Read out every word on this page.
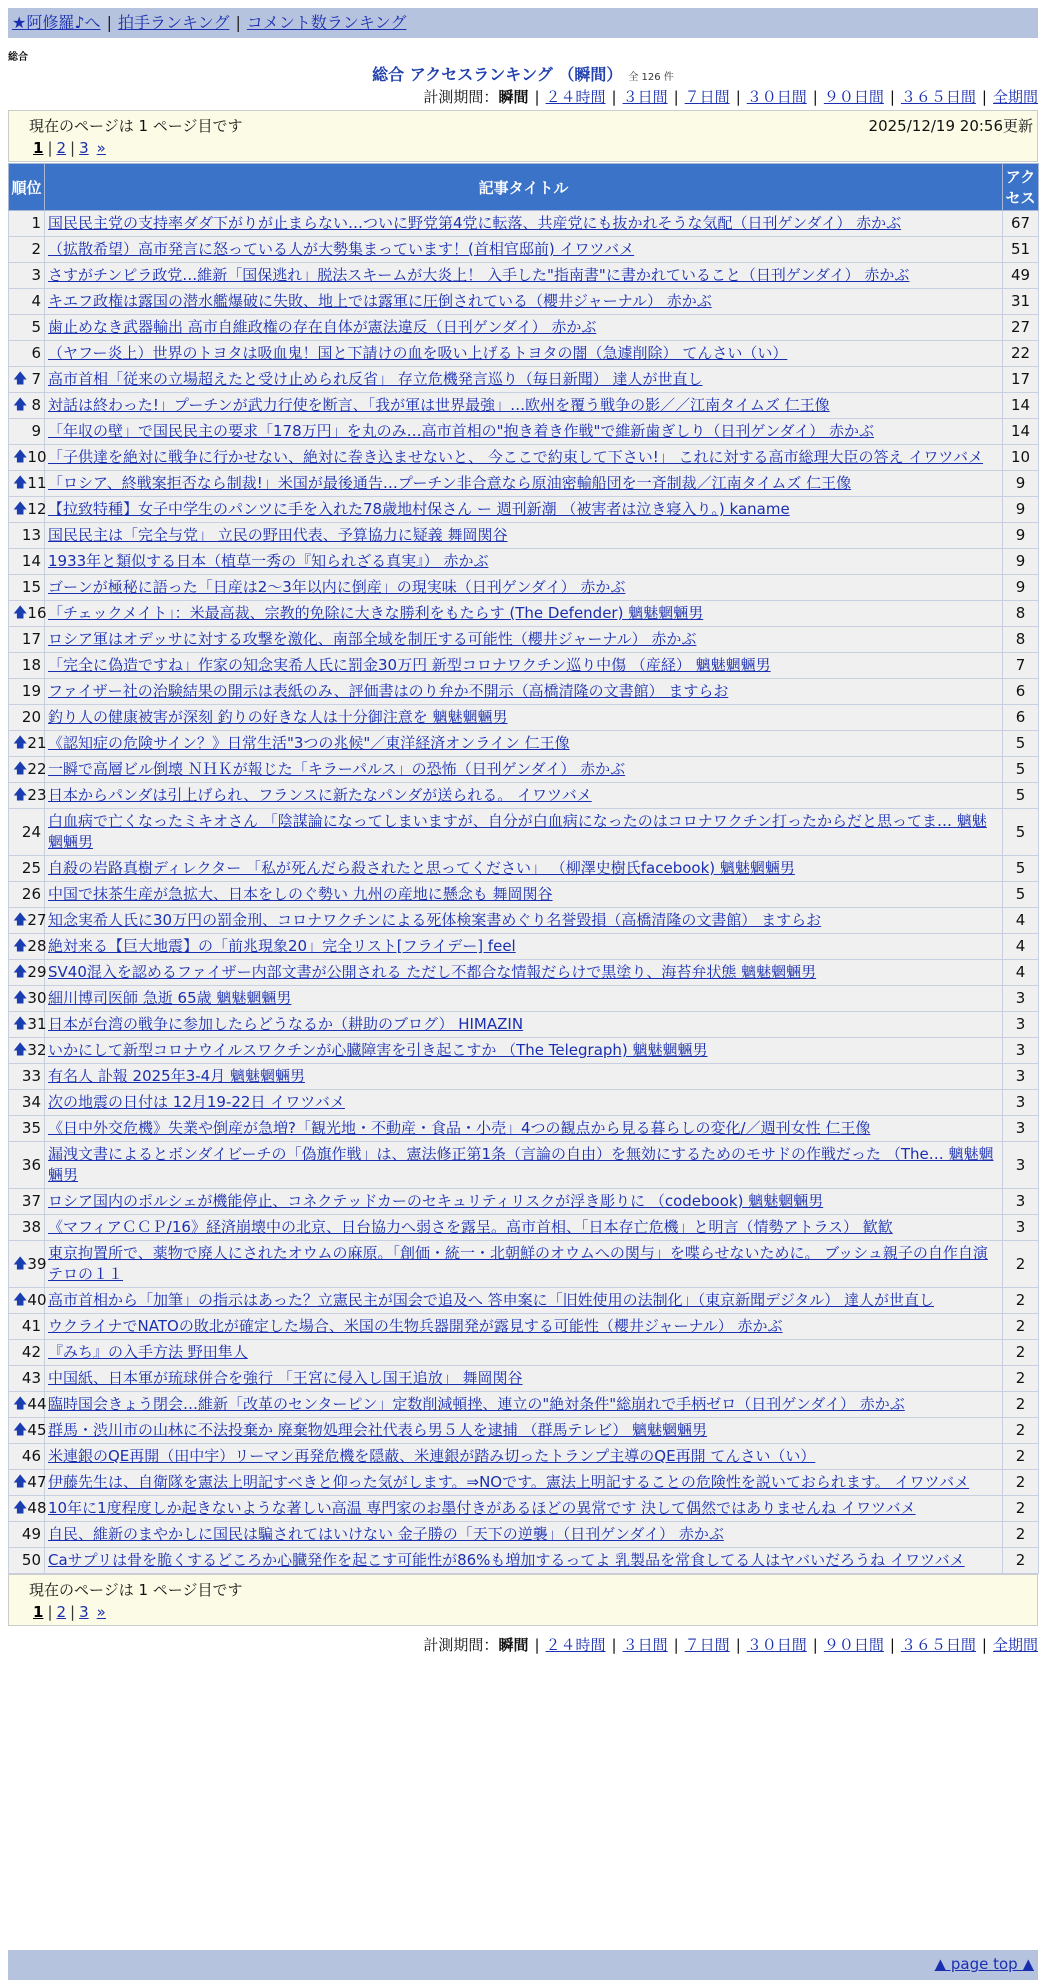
★阿修羅♪へ | 拍手ランキング | コメント数ランキング
総合
総合 アクセスランキング （瞬間） 全 126 件
計測期間：瞬間 | ２４時間 | ３日間 | ７日間 | ３０日間 | ９０日間 | ３６５日間 | 全期間
現在のページは 1 ページ目です	2025/12/19 20:56更新
1 | 2 | 3 »
順位	記事タイトル	アクセス
1	国民民主党の支持率ダダ下がりが止まらない…ついに野党第4党に転落、共産党にも抜かれそうな気配（日刊ゲンダイ） 赤かぶ	67
2	（拡散希望）高市発言に怒っている人が大勢集まっています！(首相官邸前) イワツバメ	51
3	さすがチンピラ政党…維新「国保逃れ」脱法スキームが大炎上！ 入手した"指南書"に書かれていること（日刊ゲンダイ） 赤かぶ	49
4	キエフ政権は露国の潜水艦爆破に失敗、地上では露軍に圧倒されている（櫻井ジャーナル） 赤かぶ	31
5	歯止めなき武器輸出 高市自維政権の存在自体が憲法違反（日刊ゲンダイ） 赤かぶ	27
6	（ヤフー炎上）世界のトヨタは吸血鬼！国と下請けの血を吸い上げるトヨタの闇（急遽削除） てんさい（い）	22

🡅 7	高市首相「従来の立場超えたと受け止められ反省」 存立危機発言巡り（毎日新聞） 達人が世直し	17

🡅 8	対話は終わった!」プーチンが武力行使を断言、「我が軍は世界最強」…欧州を覆う戦争の影／／江南タイムズ 仁王像	14
9	「年収の壁」で国民民主の要求「178万円」を丸のみ…高市首相の"抱き着き作戦"で維新歯ぎしり（日刊ゲンダイ） 赤かぶ	14

🡅 10	「子供達を絶対に戦争に行かせない、絶対に巻き込ませないと、 今ここで約束して下さい!」 これに対する高市総理大臣の答え イワツバメ	10

🡅 11	「ロシア、終戦案拒否なら制裁!」米国が最後通告…プーチン非合意なら原油密輸船団を一斉制裁／江南タイムズ 仁王像	9

🡅 12	【拉致特種】女子中学生のパンツに手を入れた78歳地村保さん ー 週刊新潮 （被害者は泣き寝入り。) kaname	9
13	国民民主は「完全与党」 立民の野田代表、予算協力に疑義 舞岡関谷	9
14	1933年と類似する日本（植草一秀の『知られざる真実』） 赤かぶ	9
15	ゴーンが極秘に語った「日産は2～3年以内に倒産」の現実味（日刊ゲンダイ） 赤かぶ	9

🡅 16	「チェックメイト」：米最高裁、宗教的免除に大きな勝利をもたらす (The Defender) 魑魅魍魎男	8
17	ロシア軍はオデッサに対する攻撃を激化、南部全域を制圧する可能性（櫻井ジャーナル） 赤かぶ	8
18	「完全に偽造ですね」作家の知念実希人氏に罰金30万円 新型コロナワクチン巡り中傷 （産経） 魑魅魍魎男	7
19	ファイザー社の治験結果の開示は表紙のみ、評価書はのり弁か不開示（高橋清隆の文書館） ますらお	6
20	釣り人の健康被害が深刻 釣りの好きな人は十分御注意を 魑魅魍魎男	6

🡅 21	《認知症の危険サイン？》日常生活"3つの兆候"／東洋経済オンライン 仁王像	5

🡅 22	一瞬で高層ビル倒壊 ＮＨＫが報じた「キラーパルス」の恐怖（日刊ゲンダイ） 赤かぶ	5

🡅 23	日本からパンダは引上げられ、フランスに新たなパンダが送られる。 イワツバメ	5
24	白血病で亡くなったミキオさん 「陰謀論になってしまいますが、自分が白血病になったのはコロナワクチン打ったからだと思ってま… 魑魅魍魎男	5
25	自殺の岩路真樹ディレクター 「私が死んだら殺されたと思ってください」 （柳澤史樹氏facebook) 魑魅魍魎男	5
26	中国で抹茶生産が急拡大、日本をしのぐ勢い 九州の産地に懸念も 舞岡関谷	5

🡅 27	知念実希人氏に30万円の罰金刑、コロナワクチンによる死体検案書めぐり名誉毀損（高橋清隆の文書館） ますらお	4

🡅 28	絶対来る【巨大地震】の「前兆現象20」完全リスト[フライデー] feel	4

🡅 29	SV40混入を認めるファイザー内部文書が公開される ただし不都合な情報だらけで黒塗り、海苔弁状態 魑魅魍魎男	4

🡅 30	細川博司医師 急逝 65歳 魑魅魍魎男	3

🡅 31	日本が台湾の戦争に参加したらどうなるか（耕助のブログ） HIMAZIN	3

🡅 32	いかにして新型コロナウイルスワクチンが心臓障害を引き起こすか （The Telegraph) 魑魅魍魎男	3
33	有名人 訃報 2025年3-4月 魑魅魍魎男	3
34	次の地震の日付は 12月19-22日 イワツバメ	3
35	《日中外交危機》失業や倒産が急増?「観光地・不動産・食品・小売」4つの観点から見る暮らしの変化/／週刊女性 仁王像	3
36	漏洩文書によるとボンダイビーチの「偽旗作戦」は、憲法修正第1条（言論の自由）を無効にするためのモサドの作戦だった （The… 魑魅魍魎男	3
37	ロシア国内のポルシェが機能停止、コネクテッドカーのセキュリティリスクが浮き彫りに （codebook) 魑魅魍魎男	3
38	《マフィアＣＣＰ/16》経済崩壊中の北京、日台協力へ弱さを露呈。高市首相、「日本存亡危機」と明言（情勢アトラス） 歓歓	3

🡅 39	東京拘置所で、薬物で廃人にされたオウムの麻原。「創価・統一・北朝鮮のオウムへの関与」を喋らせないために。 ブッシュ親子の自作自演テロの１１	2

🡅 40	高市首相から「加筆」の指示はあった？立憲民主が国会で追及へ 答申案に「旧姓使用の法制化」（東京新聞デジタル） 達人が世直し	2
41	ウクライナでNATOの敗北が確定した場合、米国の生物兵器開発が露見する可能性（櫻井ジャーナル） 赤かぶ	2
42	『みち』の入手方法 野田隼人	2
43	中国紙、日本軍が琉球併合を強行 「王宮に侵入し国王追放」 舞岡関谷	2

🡅 44	臨時国会きょう閉会…維新「改革のセンターピン」定数削減頓挫、連立の"絶対条件"総崩れで手柄ゼロ（日刊ゲンダイ） 赤かぶ	2

🡅 45	群馬・渋川市の山林に不法投棄か 廃棄物処理会社代表ら男５人を逮捕 （群馬テレビ） 魑魅魍魎男	2
46	米連銀のQE再開（田中宇）リーマン再発危機を隠蔽、米連銀が踏み切ったトランプ主導のQE再開 てんさい（い）	2

🡅 47	伊藤先生は、自衛隊を憲法上明記すべきと仰った気がします。⇒NOです。憲法上明記することの危険性を説いておられます。 イワツバメ	2

🡅 48	10年に1度程度しか起きないような著しい高温 専門家のお墨付きがあるほどの異常です 決して偶然ではありませんね イワツバメ	2
49	自民、維新のまやかしに国民は騙されてはいけない 金子勝の「天下の逆襲」（日刊ゲンダイ） 赤かぶ	2
50	Caサプリは骨を脆くするどころか心臓発作を起こす可能性が86%も増加するってよ 乳製品を常食してる人はヤバいだろうね イワツバメ	2
現在のページは 1 ページ目です
1 | 2 | 3 »
計測期間：瞬間 | ２４時間 | ３日間 | ７日間 | ３０日間 | ９０日間 | ３６５日間 | 全期間
▲ page top ▲
